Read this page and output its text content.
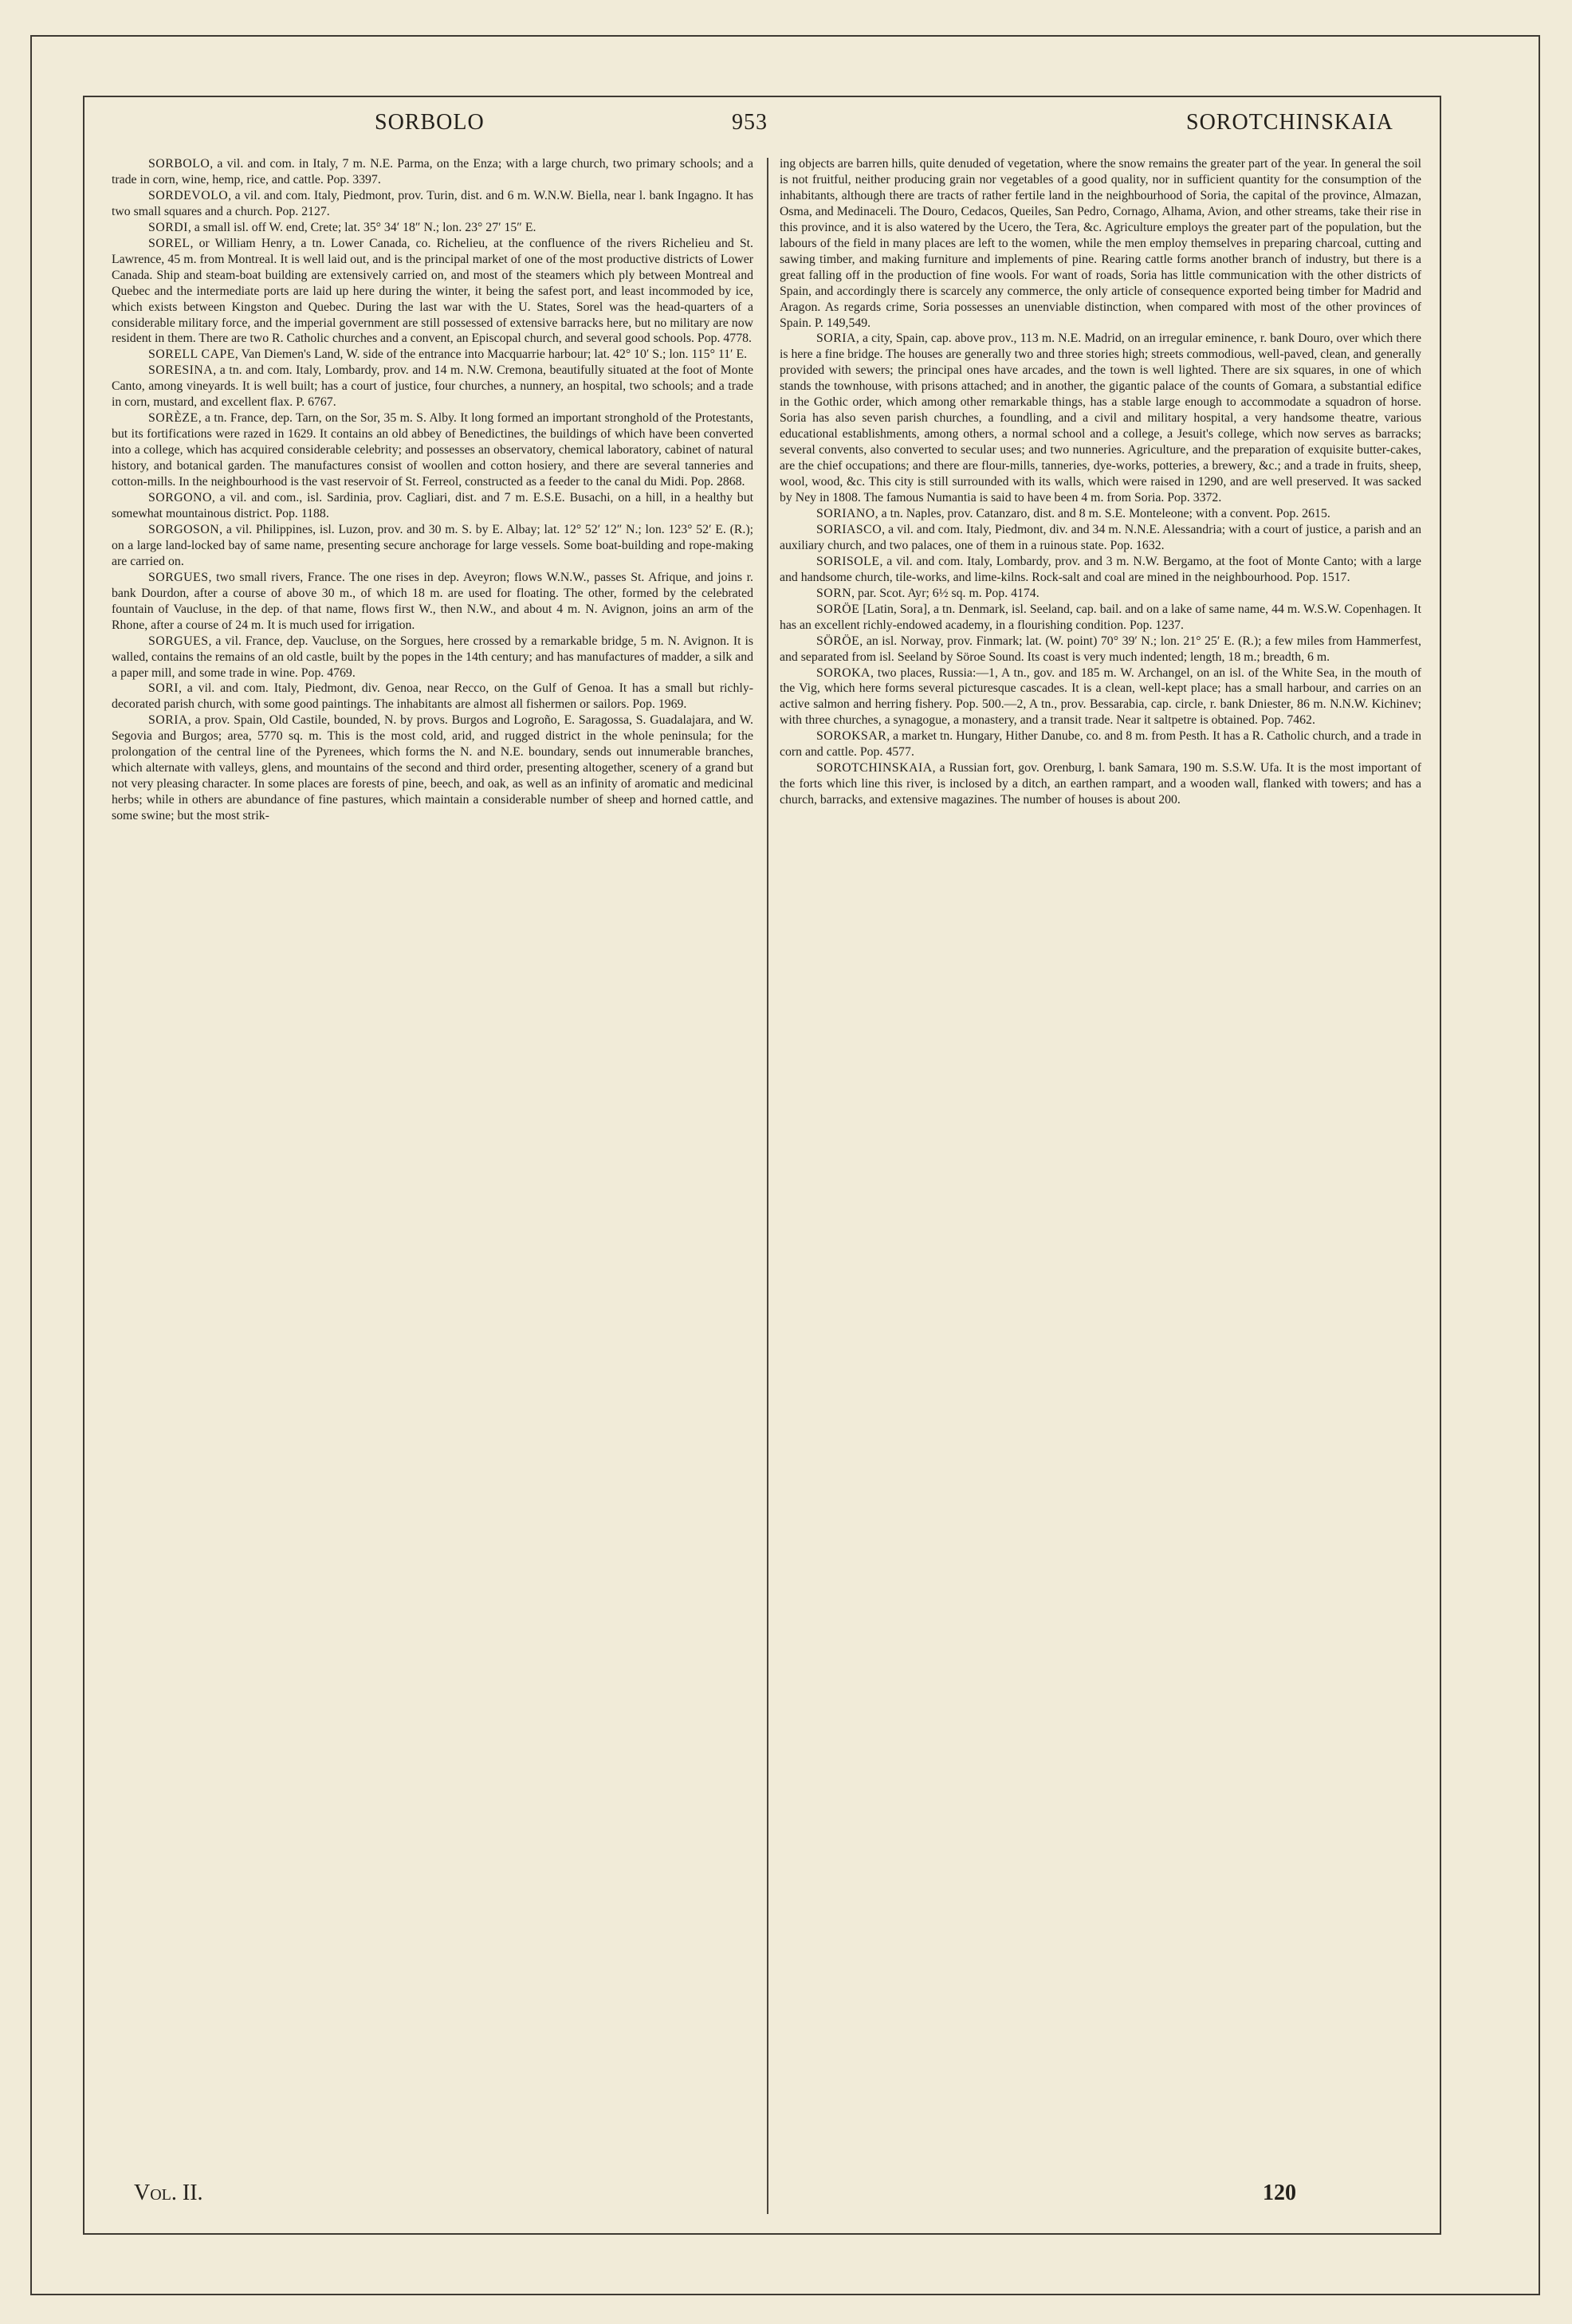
SORBOLO	953	SOROTCHINSKAIA

SORBOLO, a vil. and com. in Italy, 7 m. N.E. Parma, on the Enza; with a large church, two primary schools; and a trade in corn, wine, hemp, rice, and cattle. Pop. 3397.

SORDEVOLO, a vil. and com. Italy, Piedmont, prov. Turin, dist. and 6 m. W.N.W. Biella, near l. bank Ingagno. It has two small squares and a church. Pop. 2127.

SORDI, a small isl. off W. end, Crete; lat. 35° 34′ 18″ N.; lon. 23° 27′ 15″ E.

SOREL, or William Henry, a tn. Lower Canada, co. Richelieu, at the confluence of the rivers Richelieu and St. Lawrence, 45 m. from Montreal. It is well laid out, and is the principal market of one of the most productive districts of Lower Canada. Ship and steam-boat building are extensively carried on, and most of the steamers which ply between Montreal and Quebec and the intermediate ports are laid up here during the winter, it being the safest port, and least incommoded by ice, which exists between Kingston and Quebec. During the last war with the U. States, Sorel was the head-quarters of a considerable military force, and the imperial government are still possessed of extensive barracks here, but no military are now resident in them. There are two R. Catholic churches and a convent, an Episcopal church, and several good schools. Pop. 4778.

SORELL CAPE, Van Diemen's Land, W. side of the entrance into Macquarrie harbour; lat. 42° 10′ S.; lon. 115° 11′ E.

SORESINA, a tn. and com. Italy, Lombardy, prov. and 14 m. N.W. Cremona, beautifully situated at the foot of Monte Canto, among vineyards. It is well built; has a court of justice, four churches, a nunnery, an hospital, two schools; and a trade in corn, mustard, and excellent flax. P. 6767.

SORÈZE, a tn. France, dep. Tarn, on the Sor, 35 m. S. Alby. It long formed an important stronghold of the Protestants, but its fortifications were razed in 1629. It contains an old abbey of Benedictines, the buildings of which have been converted into a college, which has acquired considerable celebrity; and possesses an observatory, chemical laboratory, cabinet of natural history, and botanical garden. The manufactures consist of woollen and cotton hosiery, and there are several tanneries and cotton-mills. In the neighbourhood is the vast reservoir of St. Ferreol, constructed as a feeder to the canal du Midi. Pop. 2868.

SORGONO, a vil. and com., isl. Sardinia, prov. Cagliari, dist. and 7 m. E.S.E. Busachi, on a hill, in a healthy but somewhat mountainous district. Pop. 1188.

SORGOSON, a vil. Philippines, isl. Luzon, prov. and 30 m. S. by E. Albay; lat. 12° 52′ 12″ N.; lon. 123° 52′ E. (R.); on a large land-locked bay of same name, presenting secure anchorage for large vessels. Some boat-building and rope-making are carried on.

SORGUES, two small rivers, France. The one rises in dep. Aveyron; flows W.N.W., passes St. Afrique, and joins r. bank Dourdon, after a course of above 30 m., of which 18 m. are used for floating. The other, formed by the celebrated fountain of Vaucluse, in the dep. of that name, flows first W., then N.W., and about 4 m. N. Avignon, joins an arm of the Rhone, after a course of 24 m. It is much used for irrigation.

SORGUES, a vil. France, dep. Vaucluse, on the Sorgues, here crossed by a remarkable bridge, 5 m. N. Avignon. It is walled, contains the remains of an old castle, built by the popes in the 14th century; and has manufactures of madder, a silk and a paper mill, and some trade in wine. Pop. 4769.

SORI, a vil. and com. Italy, Piedmont, div. Genoa, near Recco, on the Gulf of Genoa. It has a small but richly-decorated parish church, with some good paintings. The inhabitants are almost all fishermen or sailors. Pop. 1969.

SORIA, a prov. Spain, Old Castile, bounded, N. by provs. Burgos and Logroño, E. Saragossa, S. Guadalajara, and W. Segovia and Burgos; area, 5770 sq. m. This is the most cold, arid, and rugged district in the whole peninsula; for the prolongation of the central line of the Pyrenees, which forms the N. and N.E. boundary, sends out innumerable branches, which alternate with valleys, glens, and mountains of the second and third order, presenting altogether, scenery of a grand but not very pleasing character. In some places are forests of pine, beech, and oak, as well as an infinity of aromatic and medicinal herbs; while in others are abundance of fine pastures, which maintain a considerable number of sheep and horned cattle, and some swine; but the most strik-

ing objects are barren hills, quite denuded of vegetation, where the snow remains the greater part of the year. In general the soil is not fruitful, neither producing grain nor vegetables of a good quality, nor in sufficient quantity for the consumption of the inhabitants, although there are tracts of rather fertile land in the neighbourhood of Soria, the capital of the province, Almazan, Osma, and Medinaceli. The Douro, Cedacos, Queiles, San Pedro, Cornago, Alhama, Avion, and other streams, take their rise in this province, and it is also watered by the Ucero, the Tera, &c. Agriculture employs the greater part of the population, but the labours of the field in many places are left to the women, while the men employ themselves in preparing charcoal, cutting and sawing timber, and making furniture and implements of pine. Rearing cattle forms another branch of industry, but there is a great falling off in the production of fine wools. For want of roads, Soria has little communication with the other districts of Spain, and accordingly there is scarcely any commerce, the only article of consequence exported being timber for Madrid and Aragon. As regards crime, Soria possesses an unenviable distinction, when compared with most of the other provinces of Spain. P. 149,549.

SORIA, a city, Spain, cap. above prov., 113 m. N.E. Madrid, on an irregular eminence, r. bank Douro, over which there is here a fine bridge. The houses are generally two and three stories high; streets commodious, well-paved, clean, and generally provided with sewers; the principal ones have arcades, and the town is well lighted. There are six squares, in one of which stands the townhouse, with prisons attached; and in another, the gigantic palace of the counts of Gomara, a substantial edifice in the Gothic order, which among other remarkable things, has a stable large enough to accommodate a squadron of horse. Soria has also seven parish churches, a foundling, and a civil and military hospital, a very handsome theatre, various educational establishments, among others, a normal school and a college, a Jesuit's college, which now serves as barracks; several convents, also converted to secular uses; and two nunneries. Agriculture, and the preparation of exquisite butter-cakes, are the chief occupations; and there are flour-mills, tanneries, dye-works, potteries, a brewery, &c.; and a trade in fruits, sheep, wool, wood, &c. This city is still surrounded with its walls, which were raised in 1290, and are well preserved. It was sacked by Ney in 1808. The famous Numantia is said to have been 4 m. from Soria. Pop. 3372.

SORIANO, a tn. Naples, prov. Catanzaro, dist. and 8 m. S.E. Monteleone; with a convent. Pop. 2615.

SORIASCO, a vil. and com. Italy, Piedmont, div. and 34 m. N.N.E. Alessandria; with a court of justice, a parish and an auxiliary church, and two palaces, one of them in a ruinous state. Pop. 1632.

SORISOLE, a vil. and com. Italy, Lombardy, prov. and 3 m. N.W. Bergamo, at the foot of Monte Canto; with a large and handsome church, tile-works, and lime-kilns. Rock-salt and coal are mined in the neighbourhood. Pop. 1517.

SORN, par. Scot. Ayr; 6½ sq. m. Pop. 4174.

SORÖE [Latin, Sora], a tn. Denmark, isl. Seeland, cap. bail. and on a lake of same name, 44 m. W.S.W. Copenhagen. It has an excellent richly-endowed academy, in a flourishing condition. Pop. 1237.

SÖRÖE, an isl. Norway, prov. Finmark; lat. (W. point) 70° 39′ N.; lon. 21° 25′ E. (R.); a few miles from Hammerfest, and separated from isl. Seeland by Söroe Sound. Its coast is very much indented; length, 18 m.; breadth, 6 m.

SOROKA, two places, Russia:—1, A tn., gov. and 185 m. W. Archangel, on an isl. of the White Sea, in the mouth of the Vig, which here forms several picturesque cascades. It is a clean, well-kept place; has a small harbour, and carries on an active salmon and herring fishery. Pop. 500.—2, A tn., prov. Bessarabia, cap. circle, r. bank Dniester, 86 m. N.N.W. Kichinev; with three churches, a synagogue, a monastery, and a transit trade. Near it saltpetre is obtained. Pop. 7462.

SOROKSAR, a market tn. Hungary, Hither Danube, co. and 8 m. from Pesth. It has a R. Catholic church, and a trade in corn and cattle. Pop. 4577.

SOROTCHINSKAIA, a Russian fort, gov. Orenburg, l. bank Samara, 190 m. S.S.W. Ufa. It is the most important of the forts which line this river, is inclosed by a ditch, an earthen rampart, and a wooden wall, flanked with towers; and has a church, barracks, and extensive magazines. The number of houses is about 200.

Vol. II.	120
